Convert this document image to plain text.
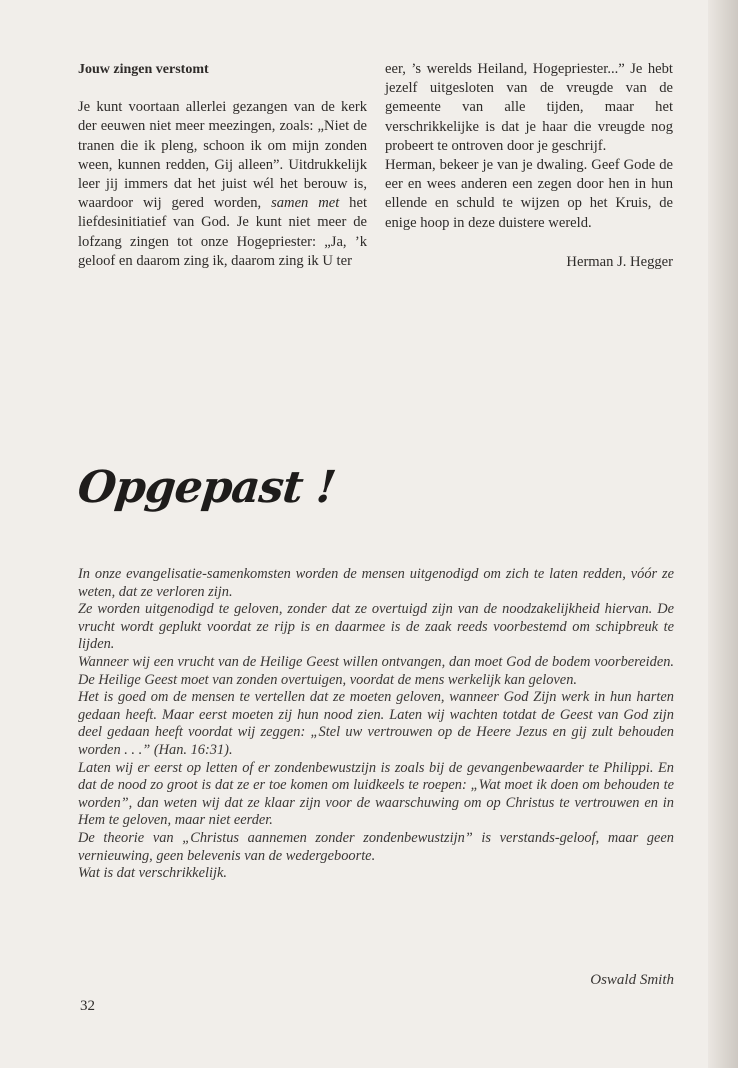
Jouw zingen verstomt

Je kunt voortaan allerlei gezangen van de kerk der eeuwen niet meer meezingen, zoals: „Niet de tranen die ik pleng, schoon ik om mijn zonden ween, kunnen redden, Gij alleen”. Uitdrukkelijk leer jij immers dat het juist wél het berouw is, waardoor wij gered worden, samen met het liefdesinitiatief van God. Je kunt niet meer de lofzang zingen tot onze Hogepriester: „Ja, ’k geloof en daarom zing ik, daarom zing ik U ter

eer, ’s werelds Heiland, Hogepriester...” Je hebt jezelf uitgesloten van de vreugde van de gemeente van alle tijden, maar het verschrikkelijke is dat je haar die vreugde nog probeert te ontroven door je geschrijf.

Herman, bekeer je van je dwaling. Geef Gode de eer en wees anderen een zegen door hen in hun ellende en schuld te wijzen op het Kruis, de enige hoop in deze duistere wereld.

Herman J. Hegger

Opgepast !

In onze evangelisatie-samenkomsten worden de mensen uitgenodigd om zich te laten redden, vóór ze weten, dat ze verloren zijn.

Ze worden uitgenodigd te geloven, zonder dat ze overtuigd zijn van de noodzakelijkheid hiervan. De vrucht wordt geplukt voordat ze rijp is en daarmee is de zaak reeds voorbestemd om schipbreuk te lijden.

Wanneer wij een vrucht van de Heilige Geest willen ontvangen, dan moet God de bodem voorbereiden. De Heilige Geest moet van zonden overtuigen, voordat de mens werkelijk kan geloven.

Het is goed om de mensen te vertellen dat ze moeten geloven, wanneer God Zijn werk in hun harten gedaan heeft. Maar eerst moeten zij hun nood zien. Laten wij wachten totdat de Geest van God zijn deel gedaan heeft voordat wij zeggen: „Stel uw vertrouwen op de Heere Jezus en gij zult behouden worden . . .” (Han. 16:31).

Laten wij er eerst op letten of er zondenbewustzijn is zoals bij de gevangenbewaarder te Philippi. En dat de nood zo groot is dat ze er toe komen om luidkeels te roepen: „Wat moet ik doen om behouden te worden”, dan weten wij dat ze klaar zijn voor de waarschuwing om op Christus te vertrouwen en in Hem te geloven, maar niet eerder.

De theorie van „Christus aannemen zonder zondenbewustzijn” is verstands-geloof, maar geen vernieuwing, geen belevenis van de wedergeboorte.

Wat is dat verschrikkelijk.

Oswald Smith
32
